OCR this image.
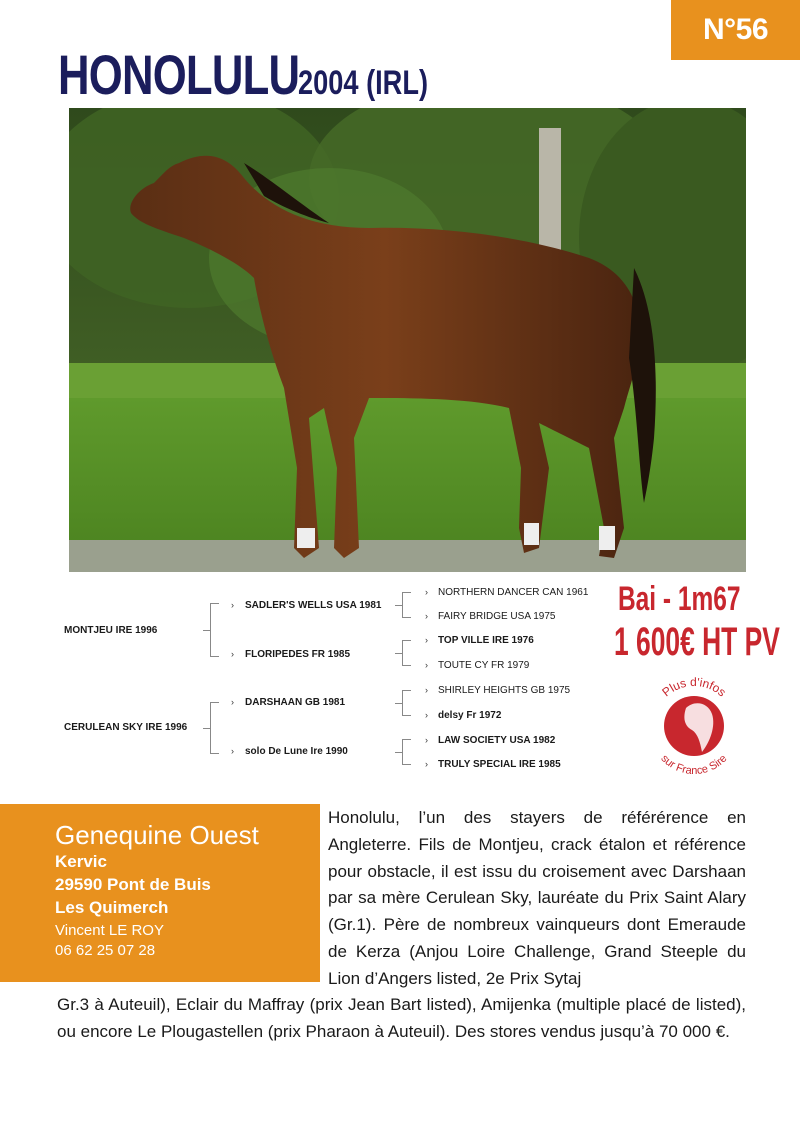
N°56
HONOLULU
2004 (IRL)
MONTJEU IRE 1996
CERULEAN SKY IRE 1996
› SADLER'S WELLS USA 1981
› FLORIPEDES FR 1985
› DARSHAAN GB 1981
› solo De Lune Ire 1990
› NORTHERN DANCER CAN 1961
› FAIRY BRIDGE USA 1975
› TOP VILLE IRE 1976
› TOUTE CY FR 1979
› SHIRLEY HEIGHTS GB 1975
› delsy Fr 1972
› LAW SOCIETY USA 1982
› TRULY SPECIAL IRE 1985
Bai - 1m67
1 600€ HT PV
Plus d'infos
sur France Sire
Genequine Ouest
Kervic
29590 Pont de Buis
Les Quimerch
Vincent LE ROY
06 62 25 07 28
Honolulu, l’un des stayers de référérence en Angleterre. Fils de Montjeu, crack étalon et référence pour obstacle, il est issu du croisement avec Darshaan par sa mère Cerulean Sky, lauréate du Prix Saint Alary (Gr.1). Père de nombreux vainqueurs dont Emeraude de Kerza (Anjou Loire Challenge, Grand Steeple du Lion d’Angers listed, 2e Prix Sytaj
Gr.3 à Auteuil), Eclair du Maffray (prix Jean Bart listed), Amijenka (multiple placé de listed), ou encore Le Plougastellen (prix Pharaon à Auteuil). Des stores vendus jusqu’à 70 000 €.
